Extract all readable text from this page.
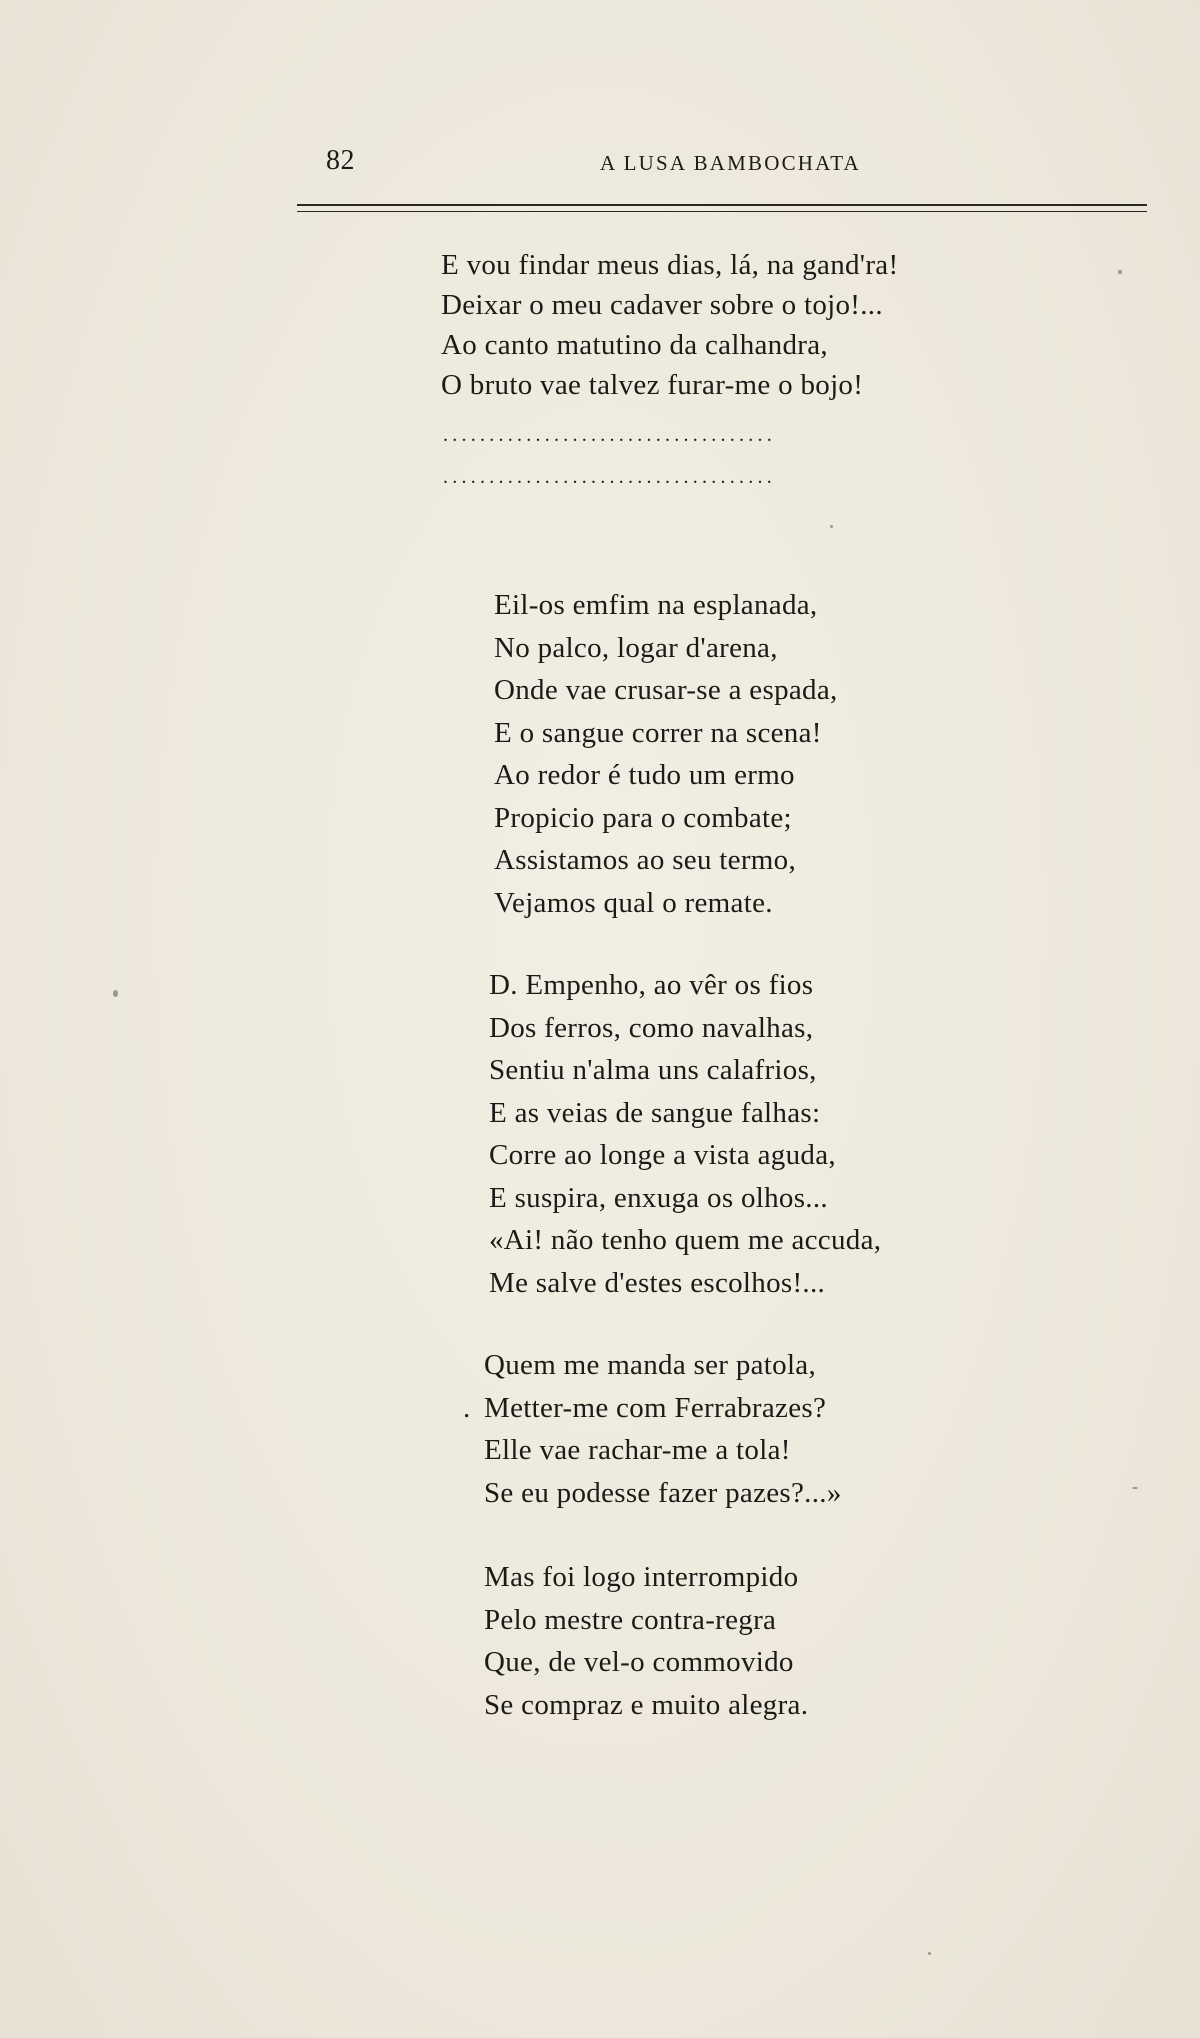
82	A LUSA BAMBOCHATA
E vou findar meus dias, lá, na gand'ra!
Deixar o meu cadaver sobre o tojo!...
Ao canto matutino da calhandra,
O bruto vae talvez furar-me o bojo!
....................................
....................................
Eil-os emfim na esplanada,
No palco, logar d'arena,
Onde vae crusar-se a espada,
E o sangue correr na scena!
Ao redor é tudo um ermo
Propicio para o combate;
Assistamos ao seu termo,
Vejamos qual o remate.
D. Empenho, ao vêr os fios
Dos ferros, como navalhas,
Sentiu n'alma uns calafrios,
E as veias de sangue falhas:
Corre ao longe a vista aguda,
E suspira, enxuga os olhos...
«Ai! não tenho quem me accuda,
Me salve d'estes escolhos!...
.
Quem me manda ser patola,
Metter-me com Ferrabrazes?
Elle vae rachar-me a tola!
Se eu podesse fazer pazes?...»
Mas foi logo interrompido
Pelo mestre contra-regra
Que, de vel-o commovido
Se compraz e muito alegra.
